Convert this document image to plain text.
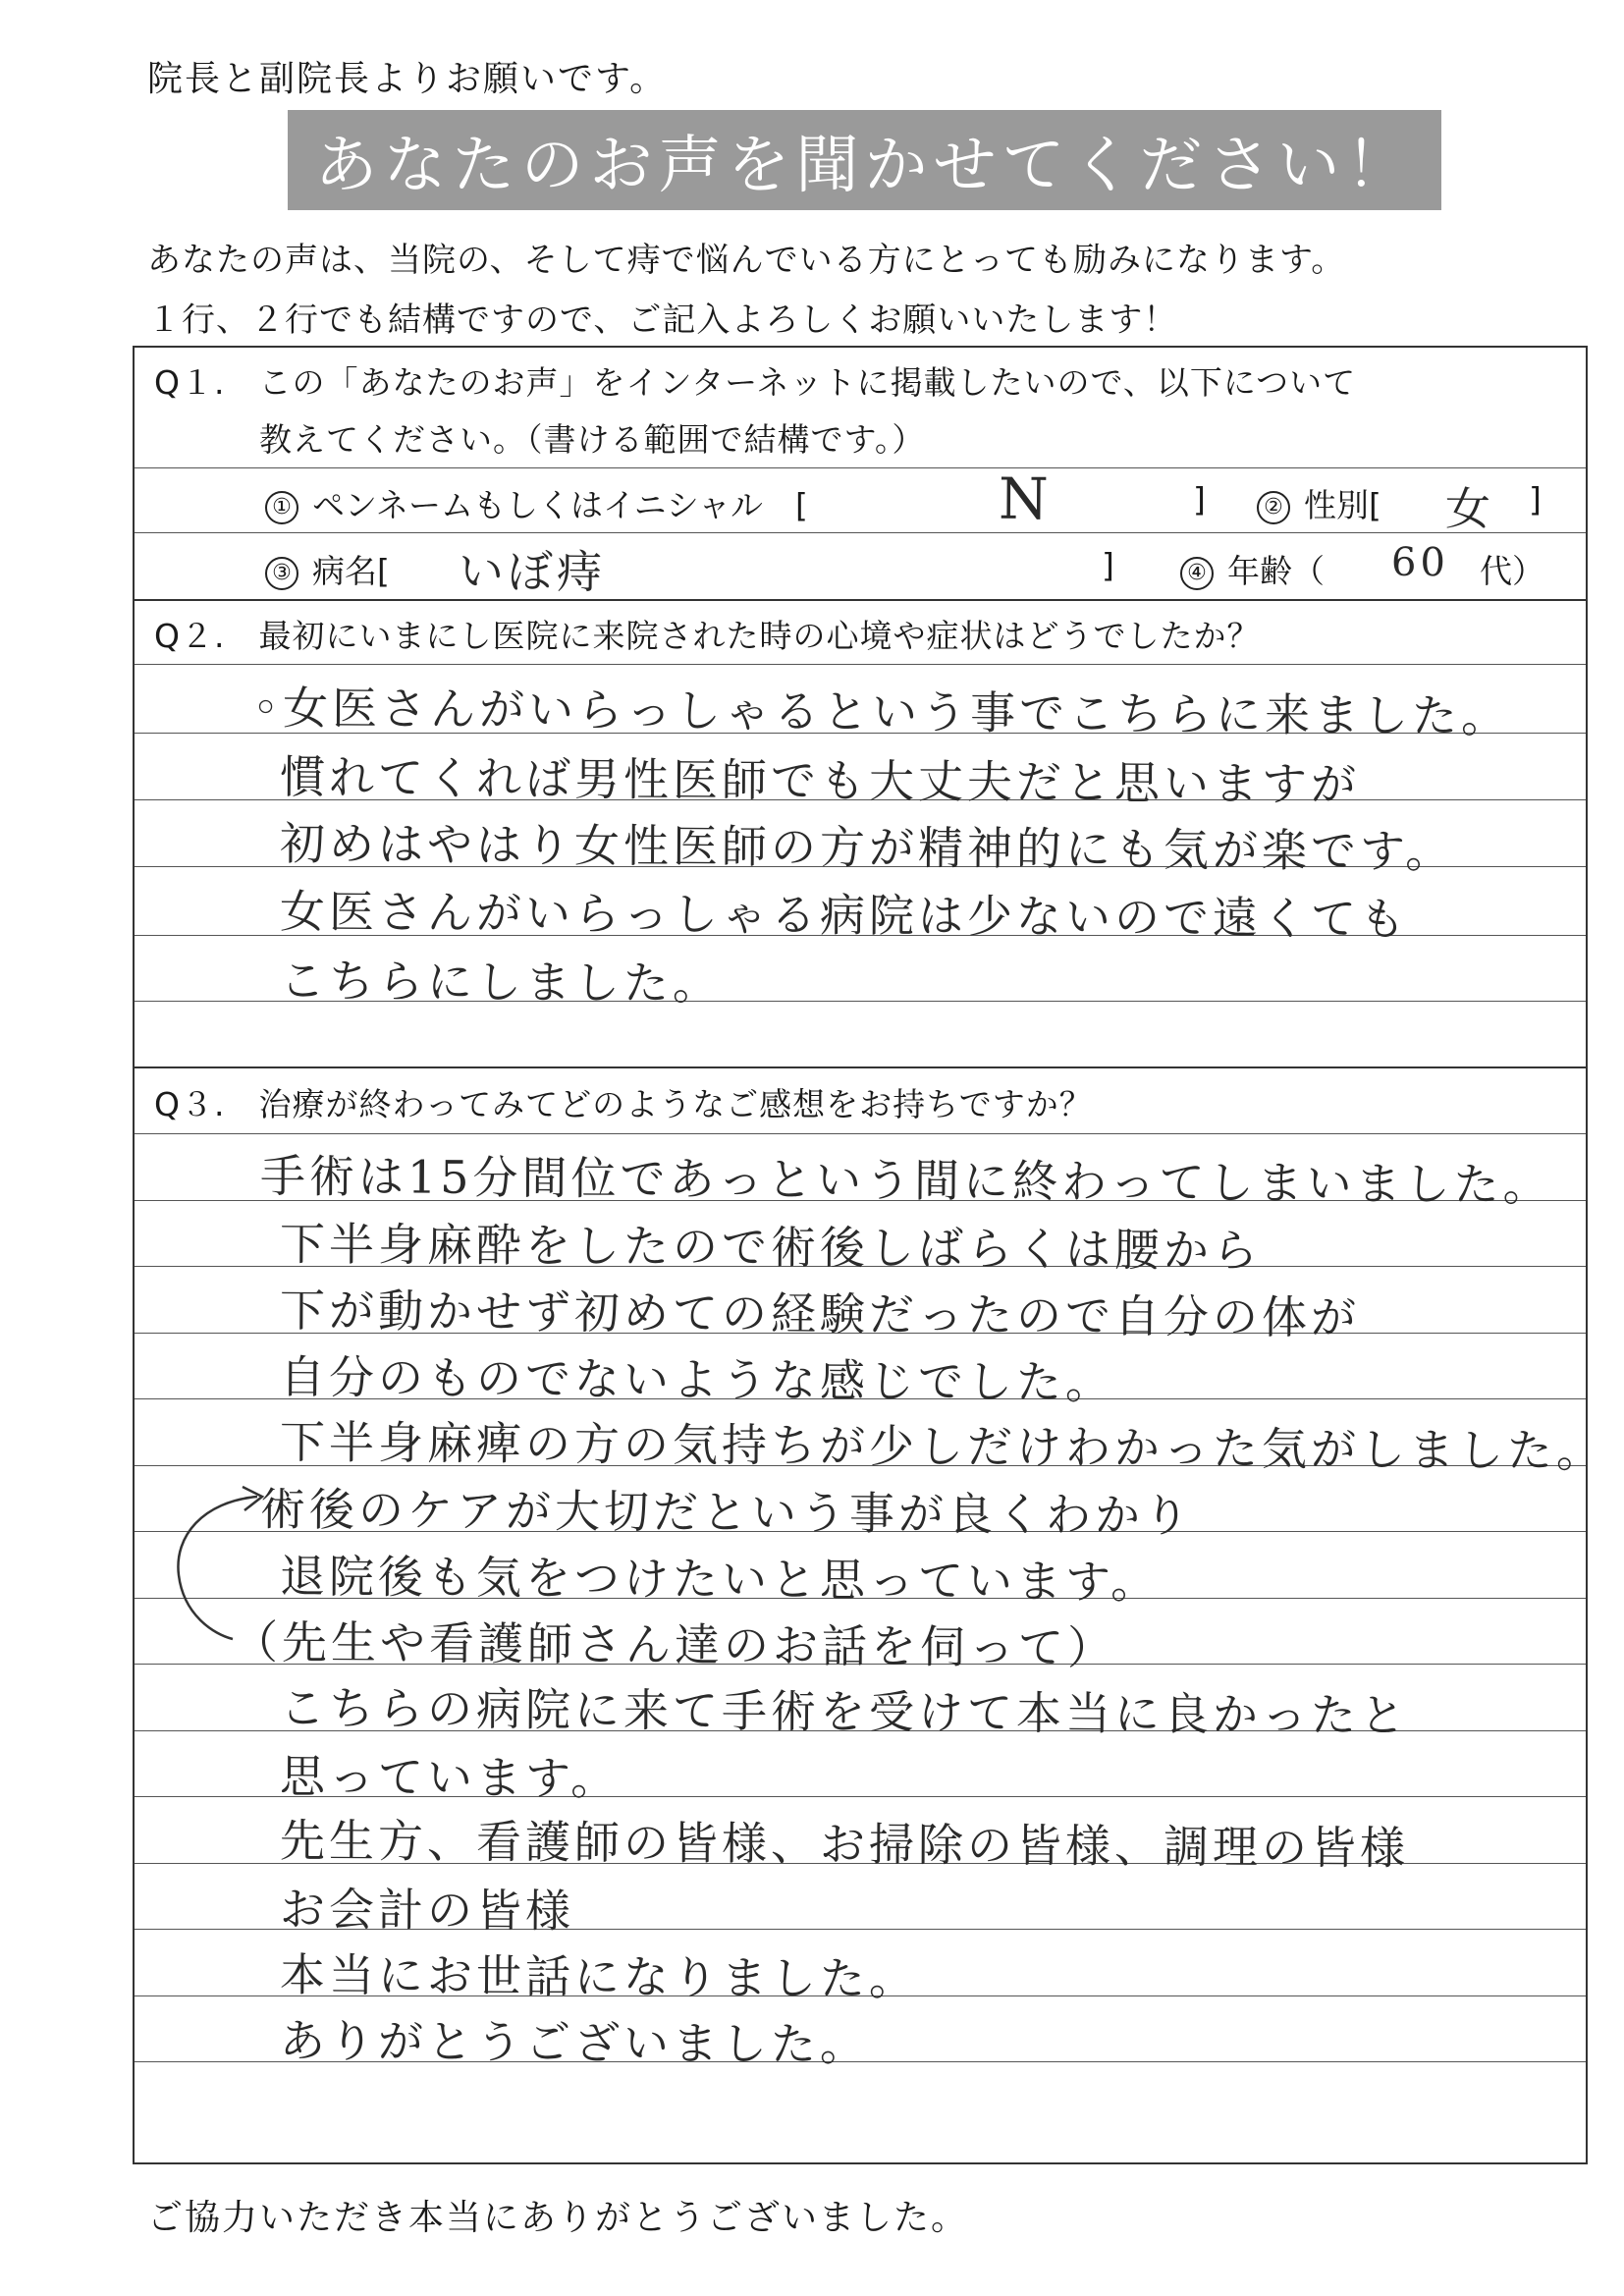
院長と副院長よりお願いです。
あなたのお声を聞かせてください！
あなたの声は、当院の、そして痔で悩んでいる方にとっても励みになります。
１行、２行でも結構ですので、ご記入よろしくお願いいたします！
Q１.　この「あなたのお声」をインターネットに掲載したいので、以下について
教えてください。（書ける範囲で結構です。）
① ペンネームもしくはイニシャル　[	N	]	② 性別[ 女 ]
③ 病名[ いぼ痔	]	④ 年齢（ 60 代）
Q２.　最初にいまにし医院に来院された時の心境や症状はどうでしたか？
◦女医さんがいらっしゃるという事でこちらに来ました。
慣れてくれば男性医師でも大丈夫だと思いますが
初めはやはり女性医師の方が精神的にも気が楽です。
女医さんがいらっしゃる病院は少ないので遠くても
こちらにしました。
Q３.　治療が終わってみてどのようなご感想をお持ちですか？
手術は15分間位であっという間に終わってしまいました。
下半身麻酔をしたので術後しばらくは腰から
下が動かせず初めての経験だったので自分の体が
自分のものでないような感じでした。
下半身麻痺の方の気持ちが少しだけわかった気がしました。
術後のケアが大切だという事が良くわかり
退院後も気をつけたいと思っています。
（先生や看護師さん達のお話を伺って）
こちらの病院に来て手術を受けて本当に良かったと
思っています。
先生方、看護師の皆様、お掃除の皆様、調理の皆様
お会計の皆様
本当にお世話になりました。
ありがとうございました。
ご協力いただき本当にありがとうございました。
